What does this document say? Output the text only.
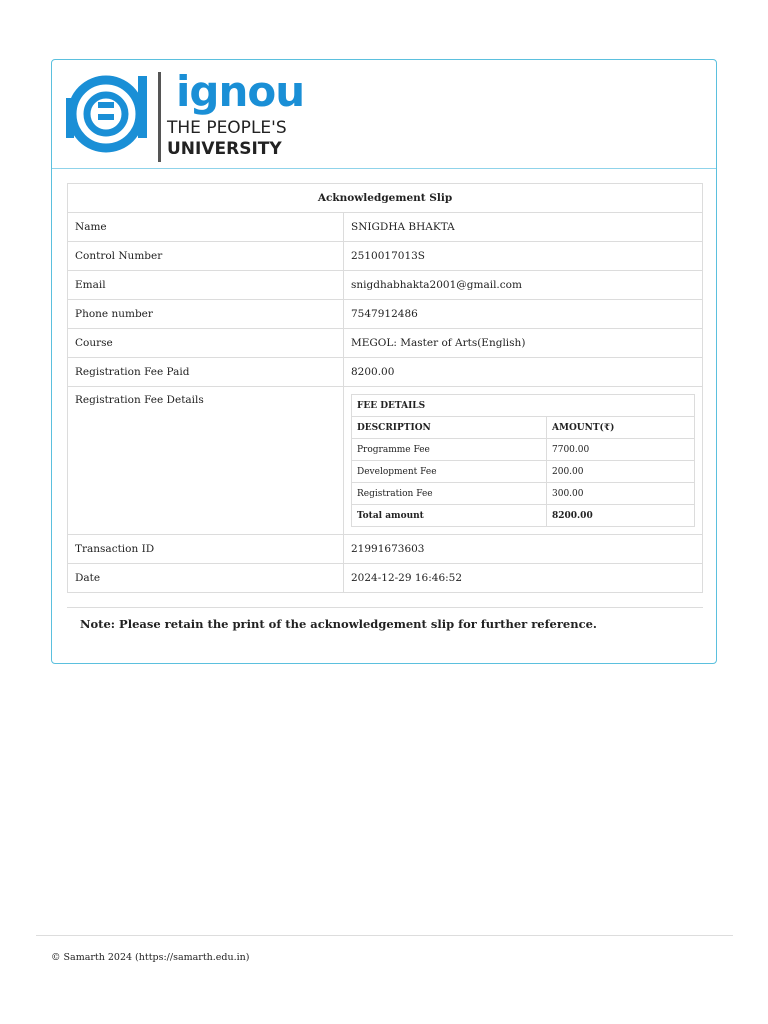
ignou
THE PEOPLE'S
UNIVERSITY
Acknowledgement Slip
Name	SNIGDHA BHAKTA
Control Number	2510017013S
Email	snigdhabhakta2001@gmail.com
Phone number	7547912486
Course	MEGOL: Master of Arts(English)
Registration Fee Paid	8200.00
Registration Fee Details		FEE DETAILS
DESCRIPTION	AMOUNT(₹)
Programme Fee	7700.00
Development Fee	200.00
Registration Fee	300.00
Total amount	8200.00

Transaction ID	21991673603
Date	2024-12-29 16:46:52
Note: Please retain the print of the acknowledgement slip for further reference.
© Samarth 2024 (https://samarth.edu.in)
